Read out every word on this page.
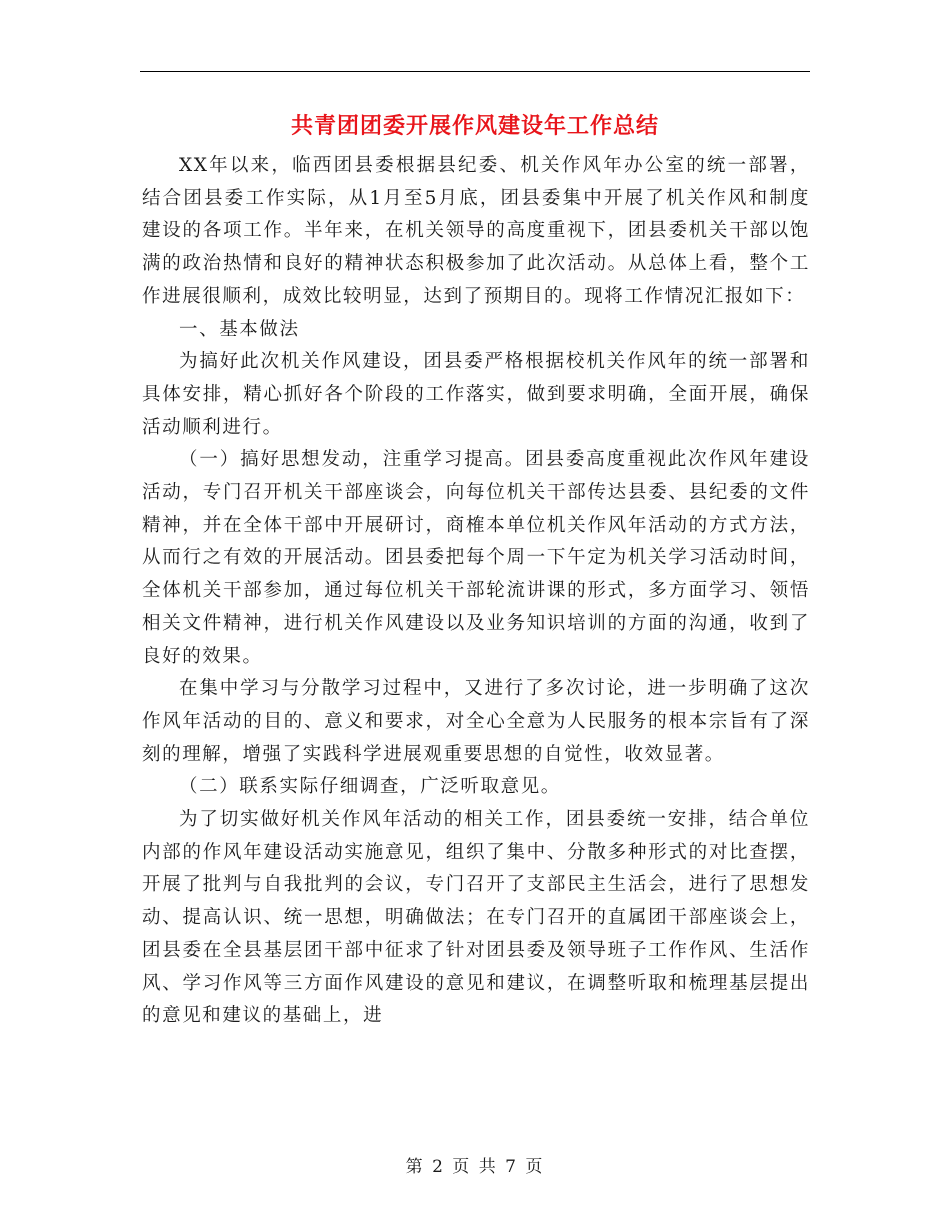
共青团团委开展作风建设年工作总结

XX年以来，临西团县委根据县纪委、机关作风年办公室的统一部署，结合团县委工作实际，从1月至5月底，团县委集中开展了机关作风和制度建设的各项工作。半年来，在机关领导的高度重视下，团县委机关干部以饱满的政治热情和良好的精神状态积极参加了此次活动。从总体上看，整个工作进展很顺利，成效比较明显，达到了预期目的。现将工作情况汇报如下：

一、基本做法

为搞好此次机关作风建设，团县委严格根据校机关作风年的统一部署和具体安排，精心抓好各个阶段的工作落实，做到要求明确，全面开展，确保活动顺利进行。

（一）搞好思想发动，注重学习提高。团县委高度重视此次作风年建设活动，专门召开机关干部座谈会，向每位机关干部传达县委、县纪委的文件精神，并在全体干部中开展研讨，商榷本单位机关作风年活动的方式方法，从而行之有效的开展活动。团县委把每个周一下午定为机关学习活动时间，全体机关干部参加，通过每位机关干部轮流讲课的形式，多方面学习、领悟相关文件精神，进行机关作风建设以及业务知识培训的方面的沟通，收到了良好的效果。

在集中学习与分散学习过程中，又进行了多次讨论，进一步明确了这次作风年活动的目的、意义和要求，对全心全意为人民服务的根本宗旨有了深刻的理解，增强了实践科学进展观重要思想的自觉性，收效显著。

（二）联系实际仔细调查，广泛听取意见。

为了切实做好机关作风年活动的相关工作，团县委统一安排，结合单位内部的作风年建设活动实施意见，组织了集中、分散多种形式的对比查摆，开展了批判与自我批判的会议，专门召开了支部民主生活会，进行了思想发动、提高认识、统一思想，明确做法；在专门召开的直属团干部座谈会上，团县委在全县基层团干部中征求了针对团县委及领导班子工作作风、生活作风、学习作风等三方面作风建设的意见和建议，在调整听取和梳理基层提出的意见和建议的基础上，进

第 2 页 共 7 页
